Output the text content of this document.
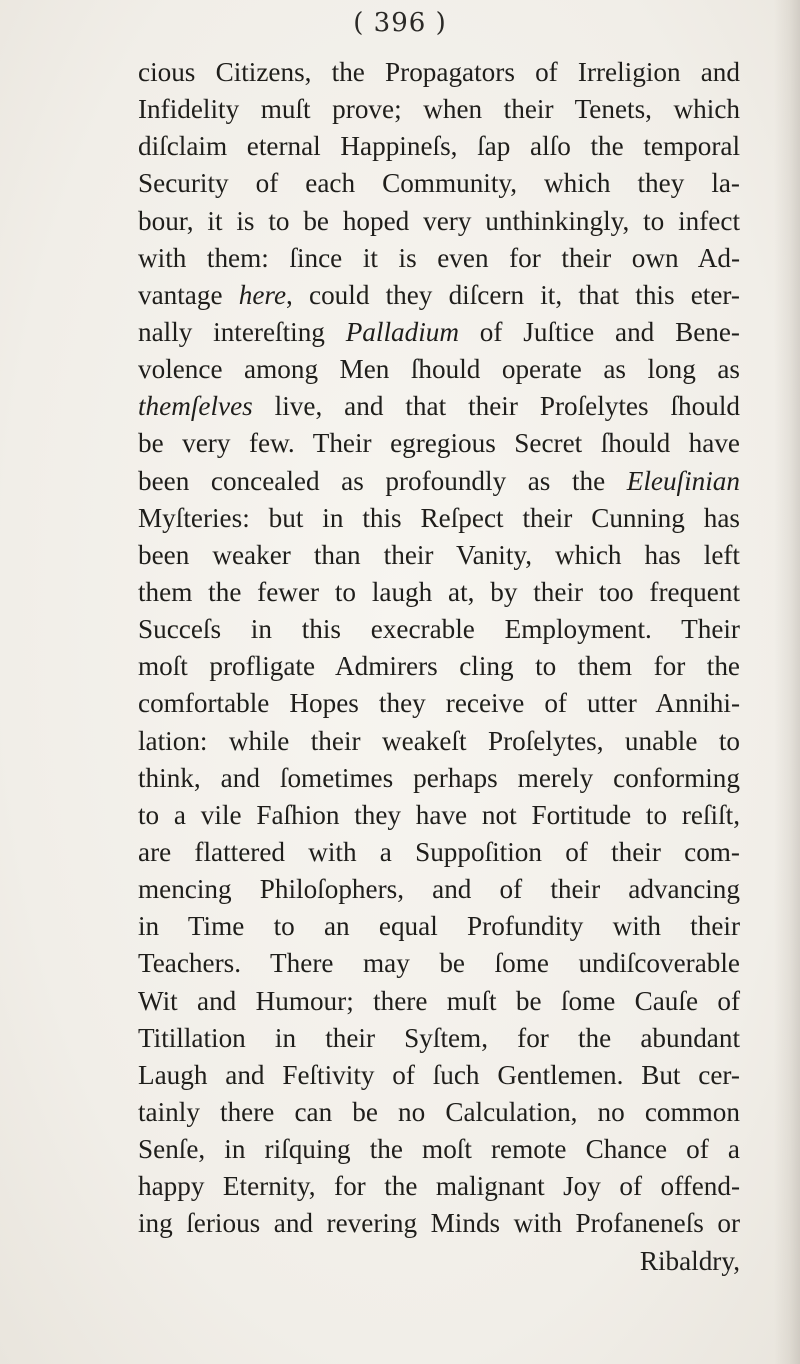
( 396 )
cious Citizens, the Propagators of Irreligion and
Infidelity muſt prove; when their Tenets, which
diſclaim eternal Happineſs, ſap alſo the temporal
Security of each Community, which they la-
bour, it is to be hoped very unthinkingly, to infect
with them: ſince it is even for their own Ad-
vantage here, could they diſcern it, that this eter-
nally intereſting Palladium of Juſtice and Bene-
volence among Men ſhould operate as long as
themſelves live, and that their Proſelytes ſhould
be very few. Their egregious Secret ſhould have
been concealed as profoundly as the Eleuſinian
Myſteries: but in this Reſpect their Cunning has
been weaker than their Vanity, which has left
them the fewer to laugh at, by their too frequent
Succeſs in this execrable Employment. Their
moſt profligate Admirers cling to them for the
comfortable Hopes they receive of utter Annihi-
lation: while their weakeſt Proſelytes, unable to
think, and ſometimes perhaps merely conforming
to a vile Faſhion they have not Fortitude to reſiſt,
are flattered with a Suppoſition of their com-
mencing Philoſophers, and of their advancing
in Time to an equal Profundity with their
Teachers. There may be ſome undiſcoverable
Wit and Humour; there muſt be ſome Cauſe of
Titillation in their Syſtem, for the abundant
Laugh and Feſtivity of ſuch Gentlemen. But cer-
tainly there can be no Calculation, no common
Senſe, in riſquing the moſt remote Chance of a
happy Eternity, for the malignant Joy of offend-
ing ſerious and revering Minds with Profaneneſs or
Ribaldry,
